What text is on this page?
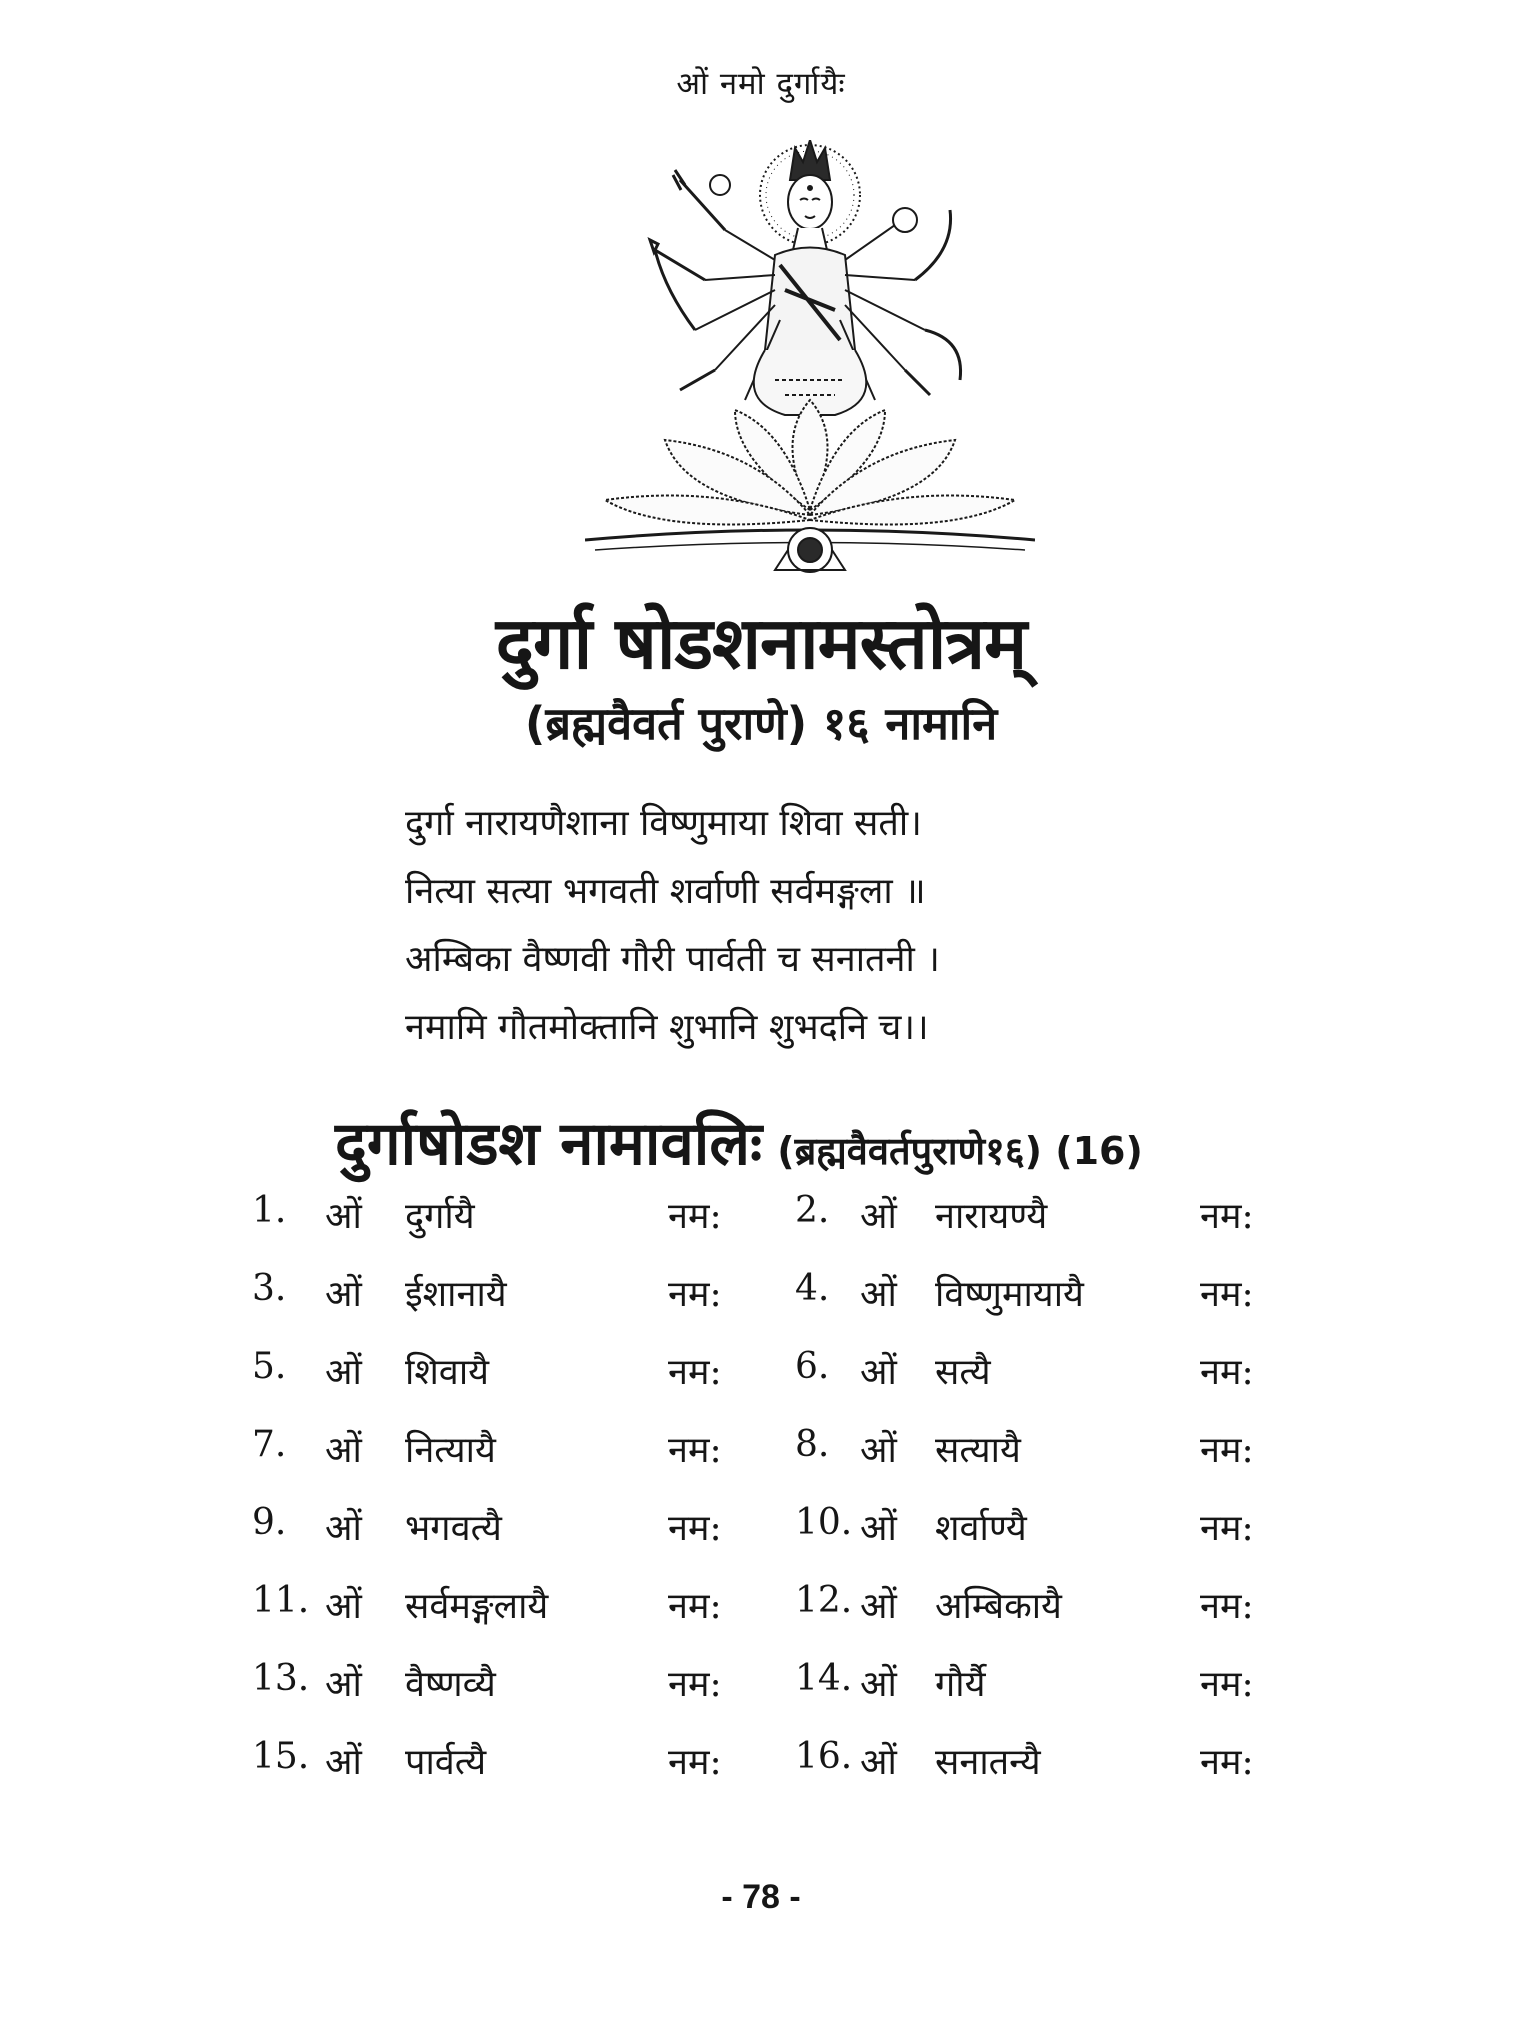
ओं नमो दुर्गायैः
दुर्गा षोडशनामस्तोत्रम्
(ब्रह्मवैवर्त पुराणे) १६ नामानि
दुर्गा नारायणैशाना विष्णुमाया शिवा सती।
नित्या सत्या भगवती शर्वाणी सर्वमङ्गला ॥
अम्बिका वैष्णवी गौरी पार्वती च सनातनी ।
नमामि गौतमोक्तानि शुभानि शुभदनि च।।
दुर्गाषोडश नामावलिः (ब्रह्मवैवर्तपुराणे१६) (16)
1. ओं दुर्गायै	नम: 2. ओं नारायण्यै	नम:
3. ओं ईशानायै	नम: 4. ओं विष्णुमायायै	नम:
5. ओं शिवायै	नम: 6. ओं सत्यै	नम:
7. ओं नित्यायै	नम: 8. ओं सत्यायै	नम:
9. ओं भगवत्यै	नम: 10. ओं शर्वाण्यै	नम:
11. ओं सर्वमङ्गलायै	नम: 12. ओं अम्बिकायै	नम:
13. ओं वैष्णव्यै	नम: 14. ओं गौर्यै	नम:
15. ओं पार्वत्यै	नम: 16. ओं सनातन्यै	नम:
- 78 -
